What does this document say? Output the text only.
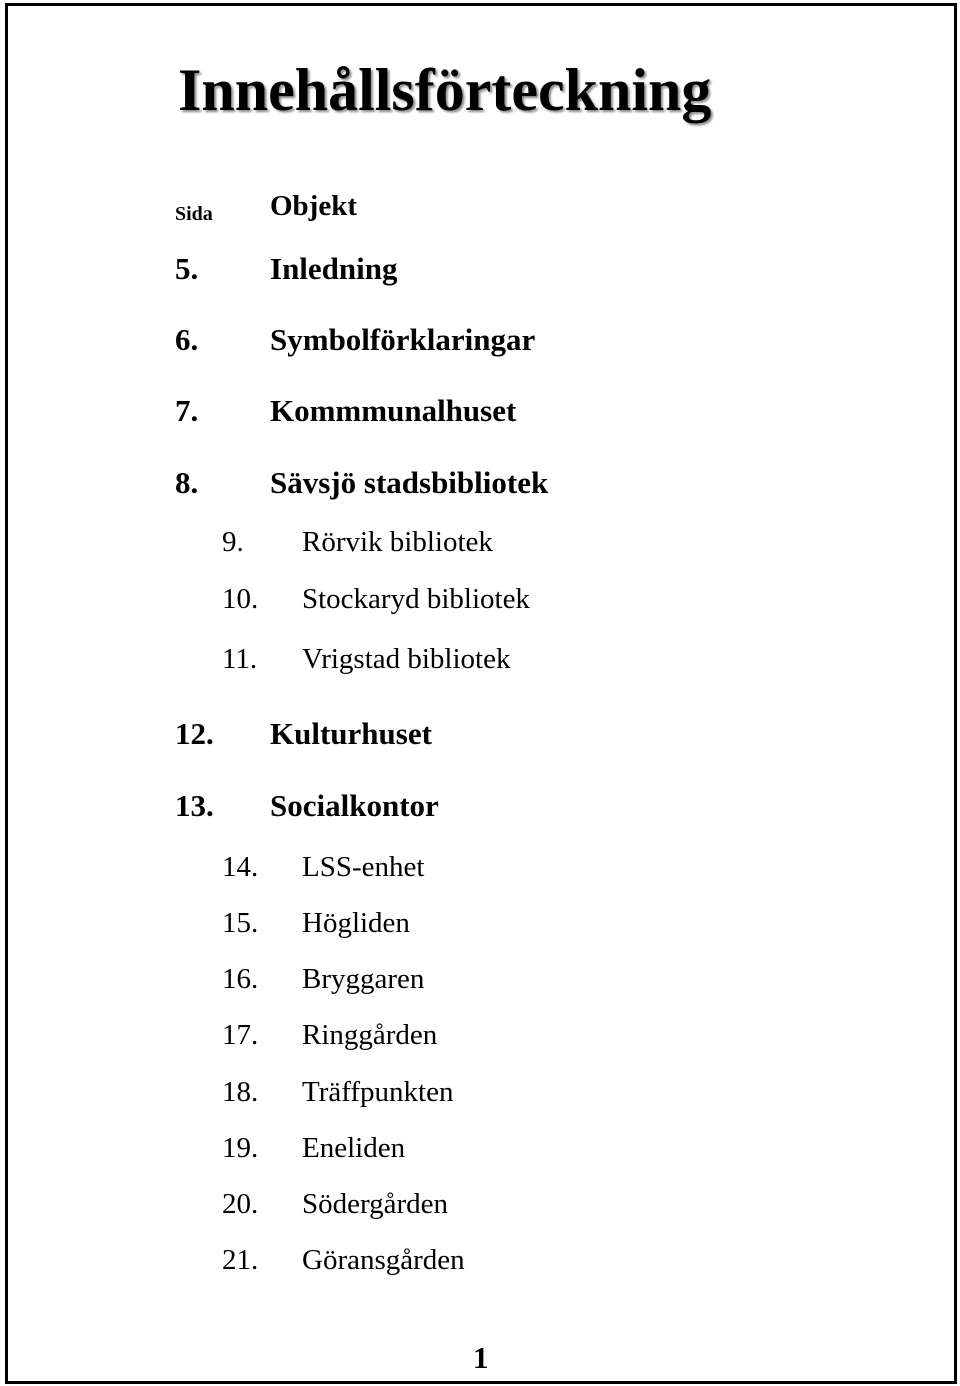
Innehållsförteckning
Sida Objekt
5. Inledning
6. Symbolförklaringar
7. Kommmunalhuset
8. Sävsjö stadsbibliotek
9. Rörvik bibliotek
10. Stockaryd bibliotek
11. Vrigstad bibliotek
12. Kulturhuset
13. Socialkontor
14. LSS-enhet
15. Högliden
16. Bryggaren
17. Ringgården
18. Träffpunkten
19. Eneliden
20. Södergården
21. Göransgården
1
